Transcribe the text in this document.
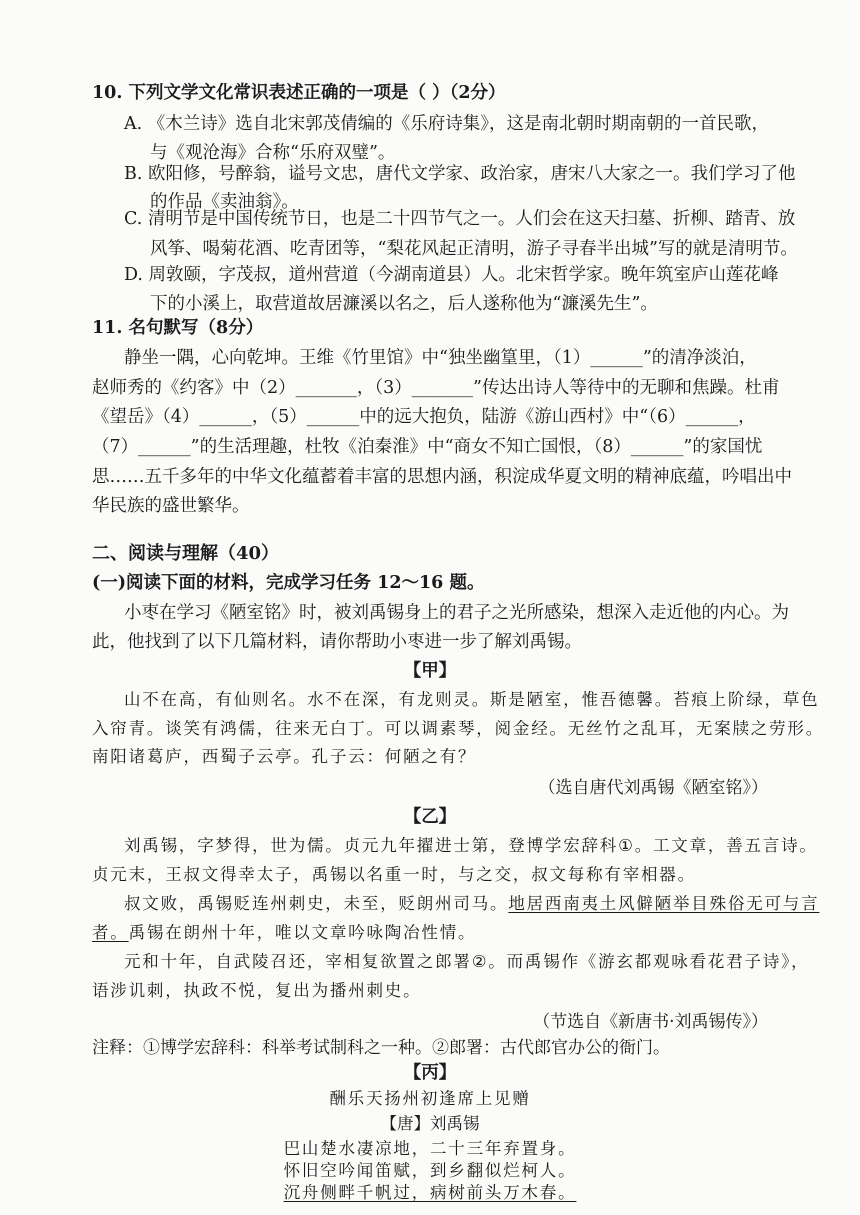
10. 下列文学文化常识表述正确的一项是（ ）（2分）
A. 《木兰诗》选自北宋郭茂倩编的《乐府诗集》，这是南北朝时期南朝的一首民歌，
与《观沧海》合称“乐府双璧”。
B. 欧阳修，号醉翁，谥号文忠，唐代文学家、政治家，唐宋八大家之一。我们学习了他
的作品《卖油翁》。
C. 清明节是中国传统节日，也是二十四节气之一。人们会在这天扫墓、折柳、踏青、放
风筝、喝菊花酒、吃青团等，“梨花风起正清明，游子寻春半出城”写的就是清明节。
D. 周敦颐，字茂叔，道州营道（今湖南道县）人。北宋哲学家。晚年筑室庐山莲花峰
下的小溪上，取营道故居濂溪以名之，后人遂称他为“濂溪先生”。
11. 名句默写（8分）
静坐一隅，心向乾坤。王维《竹里馆》中“独坐幽篁里，（1）______”的清净淡泊，
赵师秀的《约客》中（2）_______，（3）_______”传达出诗人等待中的无聊和焦躁。杜甫
《望岳》（4）______，（5）______中的远大抱负，陆游《游山西村》中“（6）______，
（7）______”的生活理趣，杜牧《泊秦淮》中“商女不知亡国恨，（8）______”的家国忧
思……五千多年的中华文化蕴蓄着丰富的思想内涵，积淀成华夏文明的精神底蕴，吟唱出中
华民族的盛世繁华。
二、阅读与理解（40）
(一)阅读下面的材料，完成学习任务 12～16 题。
小枣在学习《陋室铭》时，被刘禹锡身上的君子之光所感染，想深入走近他的内心。为
此，他找到了以下几篇材料，请你帮助小枣进一步了解刘禹锡。
【甲】
山不在高，有仙则名。水不在深，有龙则灵。斯是陋室，惟吾德馨。苔痕上阶绿，草色
入帘青。谈笑有鸿儒，往来无白丁。可以调素琴，阅金经。无丝竹之乱耳，无案牍之劳形。
南阳诸葛庐，西蜀子云亭。孔子云：何陋之有？
（选自唐代刘禹锡《陋室铭》）
【乙】
刘禹锡，字梦得，世为儒。贞元九年擢进士第，登博学宏辞科①。工文章，善五言诗。
贞元末，王叔文得幸太子，禹锡以名重一时，与之交，叔文每称有宰相器。
叔文败，禹锡贬连州刺史，未至，贬朗州司马。地居西南夷土风僻陋举目殊俗无可与言
者。禹锡在朗州十年，唯以文章吟咏陶冶性情。
元和十年，自武陵召还，宰相复欲置之郎署②。而禹锡作《游玄都观咏看花君子诗》，
语涉讥刺，执政不悦，复出为播州刺史。
（节选自《新唐书·刘禹锡传》）
注释：①博学宏辞科：科举考试制科之一种。②郎署：古代郎官办公的衙门。
【丙】
酬乐天扬州初逢席上见赠
【唐】刘禹锡
巴山楚水凄凉地，二十三年弃置身。
怀旧空吟闻笛赋，到乡翻似烂柯人。
沉舟侧畔千帆过，病树前头万木春。
